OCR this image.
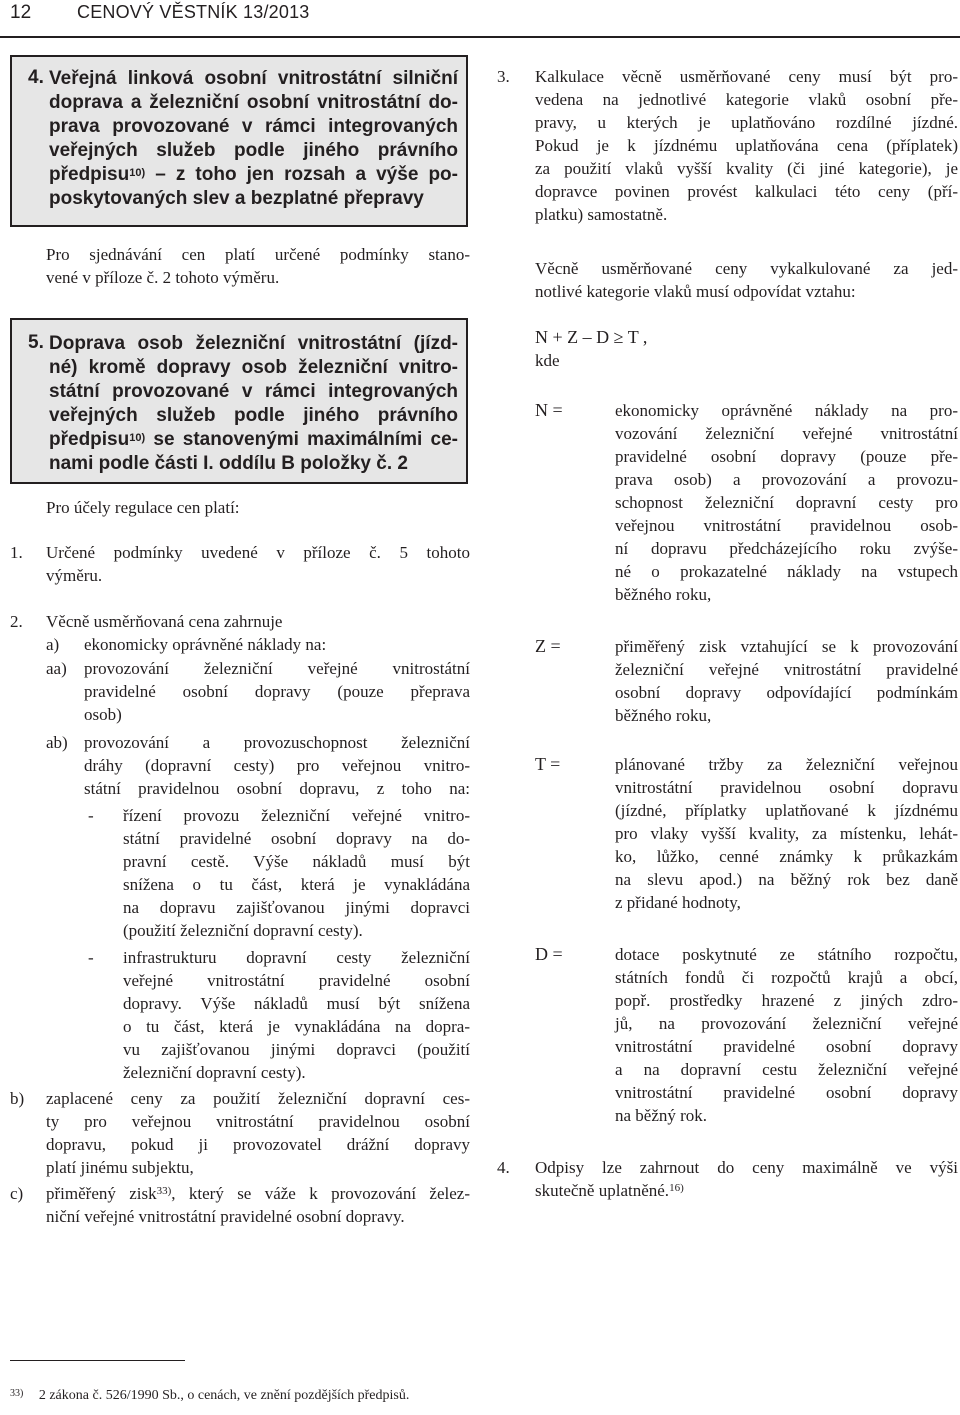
12	CENOVÝ VĚSTNÍK 13/2013
4. Veřejná linková osobní vnitrostátní silniční
doprava a železniční osobní vnitrostátní do-
prava provozované v rámci integrovaných
veřejných služeb podle jiného právního
předpisu$^{10)}$ – z toho jen rozsah a výše po-
poskytovaných slev a bezplatné přepravy
Pro sjednávání cen platí určené podmínky stano-
vené v příloze č. 2 tohoto výměru.
5. Doprava osob železniční vnitrostátní (jízd-
né) kromě dopravy osob železniční vnitro-
státní provozované v rámci integrovaných
veřejných služeb podle jiného právního
předpisu$^{10)}$ se stanovenými maximálními ce-
nami podle části I. oddílu B položky č. 2
Pro účely regulace cen platí:
1. Určené podmínky uvedené v příloze č. 5 tohoto
výměru.
2. Věcně usměrňovaná cena zahrnuje
a) ekonomicky oprávněné náklady na:
aa) provozování železniční veřejné vnitrostátní
pravidelné osobní dopravy (pouze přeprava
osob)
ab) provozování a provozuschopnost železniční
dráhy (dopravní cesty) pro veřejnou vnitro-
státní pravidelnou osobní dopravu, z toho na:
- řízení provozu železniční veřejné vnitro-
státní pravidelné osobní dopravy na do-
pravní cestě. Výše nákladů musí být
snížena o tu část, která je vynakládána
na dopravu zajišťovanou jinými dopravci
(použití železniční dopravní cesty).
- infrastrukturu dopravní cesty železniční
veřejné vnitrostátní pravidelné osobní
dopravy. Výše nákladů musí být snížena
o tu část, která je vynakládána na dopra-
vu zajišťovanou jinými dopravci (použití
železniční dopravní cesty).
b) zaplacené ceny za použití železniční dopravní ces-
ty pro veřejnou vnitrostátní pravidelnou osobní
dopravu, pokud ji provozovatel drážní dopravy
platí jinému subjektu,
c) přiměřený zisk$^{33)}$, který se váže k provozování želez-
niční veřejné vnitrostátní pravidelné osobní dopravy.
3. Kalkulace věcně usměrňované ceny musí být pro-
vedena na jednotlivé kategorie vlaků osobní pře-
pravy, u kterých je uplatňováno rozdílné jízdné.
Pokud je k jízdnému uplatňována cena (příplatek)
za použití vlaků vyšší kvality (či jiné kategorie), je
dopravce povinen provést kalkulaci této ceny (pří-
platku) samostatně.
Věcně usměrňované ceny vykalkulované za jed-
notlivé kategorie vlaků musí odpovídat vztahu:
N + Z – D ≥ T ,
kde
N =	ekonomicky oprávněné náklady na pro-
vozování železniční veřejné vnitrostátní
pravidelné osobní dopravy (pouze pře-
prava osob) a provozování a provozu-
schopnost železniční dopravní cesty pro
veřejnou vnitrostátní pravidelnou osob-
ní dopravu předcházejícího roku zvýše-
né o prokazatelné náklady na vstupech
běžného roku,
Z =	přiměřený zisk vztahující se k provozování
železniční veřejné vnitrostátní pravidelné
osobní dopravy odpovídající podmínkám
běžného roku,
T =	plánované tržby za železniční veřejnou
vnitrostátní pravidelnou osobní dopravu
(jízdné, příplatky uplatňované k jízdnému
pro vlaky vyšší kvality, za místenku, lehát-
ko, lůžko, cenné známky k průkazkám
na slevu apod.) na běžný rok bez daně
z přidané hodnoty,
D =	dotace poskytnuté ze státního rozpočtu,
státních fondů či rozpočtů krajů a obcí,
popř. prostředky hrazené z jiných zdro-
jů, na provozování železniční veřejné
vnitrostátní pravidelné osobní dopravy
a na dopravní cestu železniční veřejné
vnitrostátní pravidelné osobní dopravy
na běžný rok.
4. Odpisy lze zahrnout do ceny maximálně ve výši
skutečně uplatněné.$^{16)}$
$^{33)}$ 2 zákona č. 526/1990 Sb., o cenách, ve znění pozdějších předpisů.
